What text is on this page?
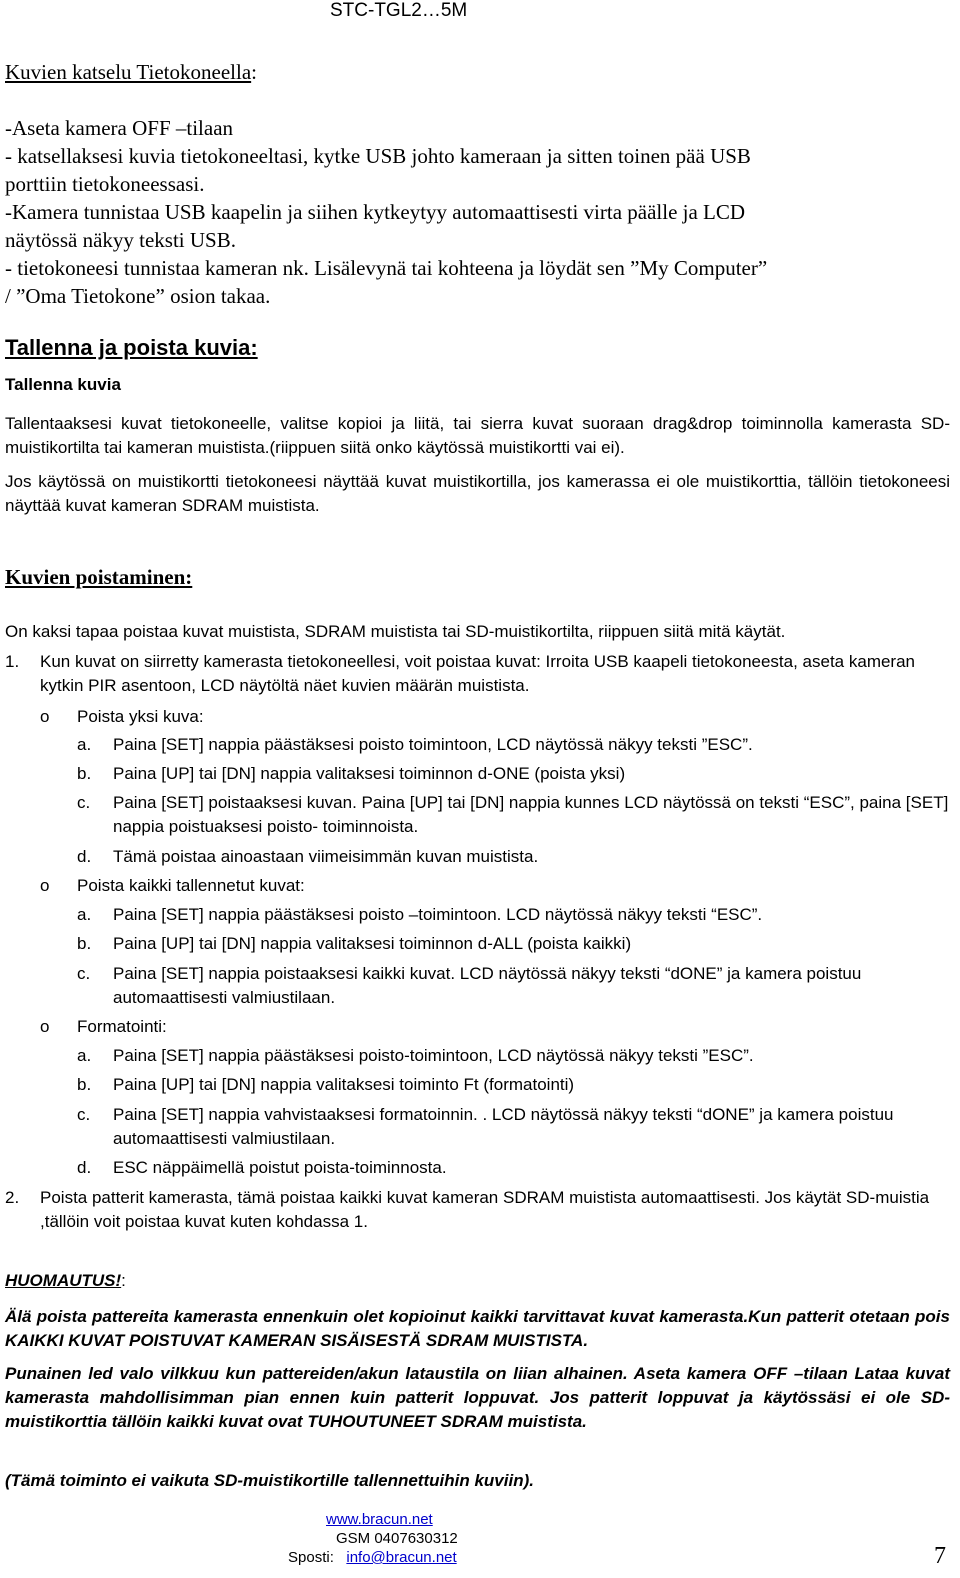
STC-TGL2…5M
Kuvien katselu Tietokoneella:
-Aseta kamera OFF –tilaan
- katsellaksesi kuvia tietokoneeltasi, kytke USB johto kameraan ja sitten toinen pää USB
porttiin tietokoneessasi.
-Kamera tunnistaa USB kaapelin ja siihen kytkeytyy automaattisesti virta päälle ja LCD
näytössä näkyy teksti USB.
- tietokoneesi tunnistaa kameran nk. Lisälevynä tai kohteena ja löydät sen ”My Computer”
/ ”Oma Tietokone” osion takaa.
Tallenna ja poista kuvia:
Tallenna kuvia

Tallentaaksesi kuvat tietokoneelle, valitse kopioi ja liitä, tai sierra kuvat suoraan drag&drop toiminnolla kamerasta SD-muistikortilta tai kameran muistista.(riippuen siitä onko käytössä muistikortti vai ei).

Jos käytössä on muistikortti tietokoneesi näyttää kuvat muistikortilla, jos kamerassa ei ole muistikorttia, tällöin tietokoneesi näyttää kuvat kameran SDRAM muistista.

Kuvien poistaminen:

On kaksi tapaa poistaa kuvat muistista, SDRAM muistista tai SD-muistikortilta, riippuen siitä mitä käytät.

1. Kun kuvat on siirretty kamerasta tietokoneellesi, voit poistaa kuvat: Irroita USB kaapeli tietokoneesta, aseta kameran kytkin PIR asentoon, LCD näytöltä näet kuvien määrän muistista.

o Poista yksi kuva:
a. Paina [SET] nappia päästäksesi poisto toimintoon, LCD näytössä näkyy teksti ”ESC”.

b. Paina [UP] tai [DN] nappia valitaksesi toiminnon d-ONE (poista yksi)

c. Paina [SET] poistaaksesi kuvan. Paina [UP] tai [DN] nappia kunnes LCD näytössä on teksti “ESC”, paina [SET] nappia poistuaksesi poisto- toiminnoista.

d. Tämä poistaa ainoastaan viimeisimmän kuvan muistista.

o Poista kaikki tallennetut kuvat:
a. Paina [SET] nappia päästäksesi poisto –toimintoon. LCD näytössä näkyy teksti “ESC”.

b. Paina [UP] tai [DN] nappia valitaksesi toiminnon d-ALL (poista kaikki)

c. Paina [SET] nappia poistaaksesi kaikki kuvat. LCD näytössä näkyy teksti “dONE” ja kamera poistuu automaattisesti valmiustilaan.

o Formatointi:
a. Paina [SET] nappia päästäksesi poisto-toimintoon, LCD näytössä näkyy teksti ”ESC”.

b. Paina [UP] tai [DN] nappia valitaksesi toiminto Ft (formatointi)

c. Paina [SET] nappia vahvistaaksesi formatoinnin. . LCD näytössä näkyy teksti “dONE” ja kamera poistuu automaattisesti valmiustilaan.

d. ESC näppäimellä poistut poista-toiminnosta.

2. Poista patterit kamerasta, tämä poistaa kaikki kuvat kameran SDRAM muistista automaattisesti. Jos käytät SD-muistia ,tällöin voit poistaa kuvat kuten kohdassa 1.

HUOMAUTUS!:

Älä poista pattereita kamerasta ennenkuin olet kopioinut kaikki tarvittavat kuvat kamerasta.Kun patterit otetaan pois KAIKKI KUVAT POISTUVAT KAMERAN SISÄISESTÄ SDRAM MUISTISTA.

Punainen led valo vilkkuu kun pattereiden/akun lataustila on liian alhainen. Aseta kamera OFF –tilaan Lataa kuvat kamerasta mahdollisimman pian ennen kuin patterit loppuvat. Jos patterit loppuvat ja käytössäsi ei ole SD-muistikorttia tällöin kaikki kuvat ovat TUHOUTUNEET SDRAM muistista.

(Tämä toiminto ei vaikuta SD-muistikortille tallennettuihin kuviin).

www.bracun.net
GSM 0407630312
Sposti: info@bracun.net	7
